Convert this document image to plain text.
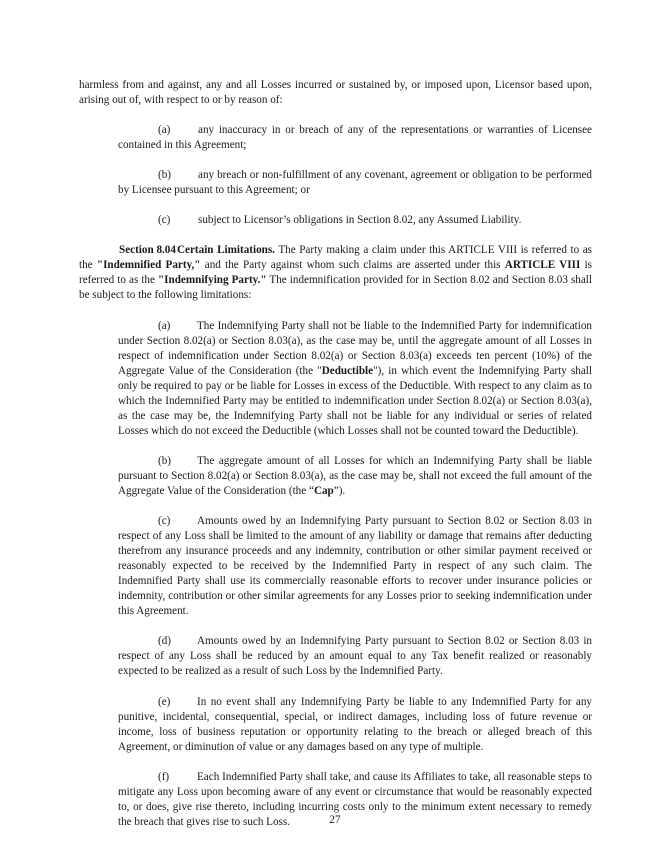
harmless from and against, any and all Losses incurred or sustained by, or imposed upon, Licensor based upon, arising out of, with respect to or by reason of:

(a) any inaccuracy in or breach of any of the representations or warranties of Licensee contained in this Agreement;

(b) any breach or non-fulfillment of any covenant, agreement or obligation to be performed by Licensee pursuant to this Agreement; or

(c) subject to Licensor’s obligations in Section 8.02, any Assumed Liability.

Section 8.04Certain Limitations. The Party making a claim under this ARTICLE VIII is referred to as the "Indemnified Party," and the Party against whom such claims are asserted under this ARTICLE VIII is referred to as the "Indemnifying Party." The indemnification provided for in Section 8.02 and Section 8.03 shall be subject to the following limitations:

(a) The Indemnifying Party shall not be liable to the Indemnified Party for indemnification under Section 8.02(a) or Section 8.03(a), as the case may be, until the aggregate amount of all Losses in respect of indemnification under Section 8.02(a) or Section 8.03(a) exceeds ten percent (10%) of the Aggregate Value of the Consideration (the "Deductible"), in which event the Indemnifying Party shall only be required to pay or be liable for Losses in excess of the Deductible. With respect to any claim as to which the Indemnified Party may be entitled to indemnification under Section 8.02(a) or Section 8.03(a), as the case may be, the Indemnifying Party shall not be liable for any individual or series of related Losses which do not exceed the Deductible (which Losses shall not be counted toward the Deductible).

(b) The aggregate amount of all Losses for which an Indemnifying Party shall be liable pursuant to Section 8.02(a) or Section 8.03(a), as the case may be, shall not exceed the full amount of the Aggregate Value of the Consideration (the “Cap”).

(c) Amounts owed by an Indemnifying Party pursuant to Section 8.02 or Section 8.03 in respect of any Loss shall be limited to the amount of any liability or damage that remains after deducting therefrom any insurance proceeds and any indemnity, contribution or other similar payment received or reasonably expected to be received by the Indemnified Party in respect of any such claim. The Indemnified Party shall use its commercially reasonable efforts to recover under insurance policies or indemnity, contribution or other similar agreements for any Losses prior to seeking indemnification under this Agreement.

(d) Amounts owed by an Indemnifying Party pursuant to Section 8.02 or Section 8.03 in respect of any Loss shall be reduced by an amount equal to any Tax benefit realized or reasonably expected to be realized as a result of such Loss by the Indemnified Party.

(e) In no event shall any Indemnifying Party be liable to any Indemnified Party for any punitive, incidental, consequential, special, or indirect damages, including loss of future revenue or income, loss of business reputation or opportunity relating to the breach or alleged breach of this Agreement, or diminution of value or any damages based on any type of multiple.

(f) Each Indemnified Party shall take, and cause its Affiliates to take, all reasonable steps to mitigate any Loss upon becoming aware of any event or circumstance that would be reasonably expected to, or does, give rise thereto, including incurring costs only to the minimum extent necessary to remedy the breach that gives rise to such Loss.	27
